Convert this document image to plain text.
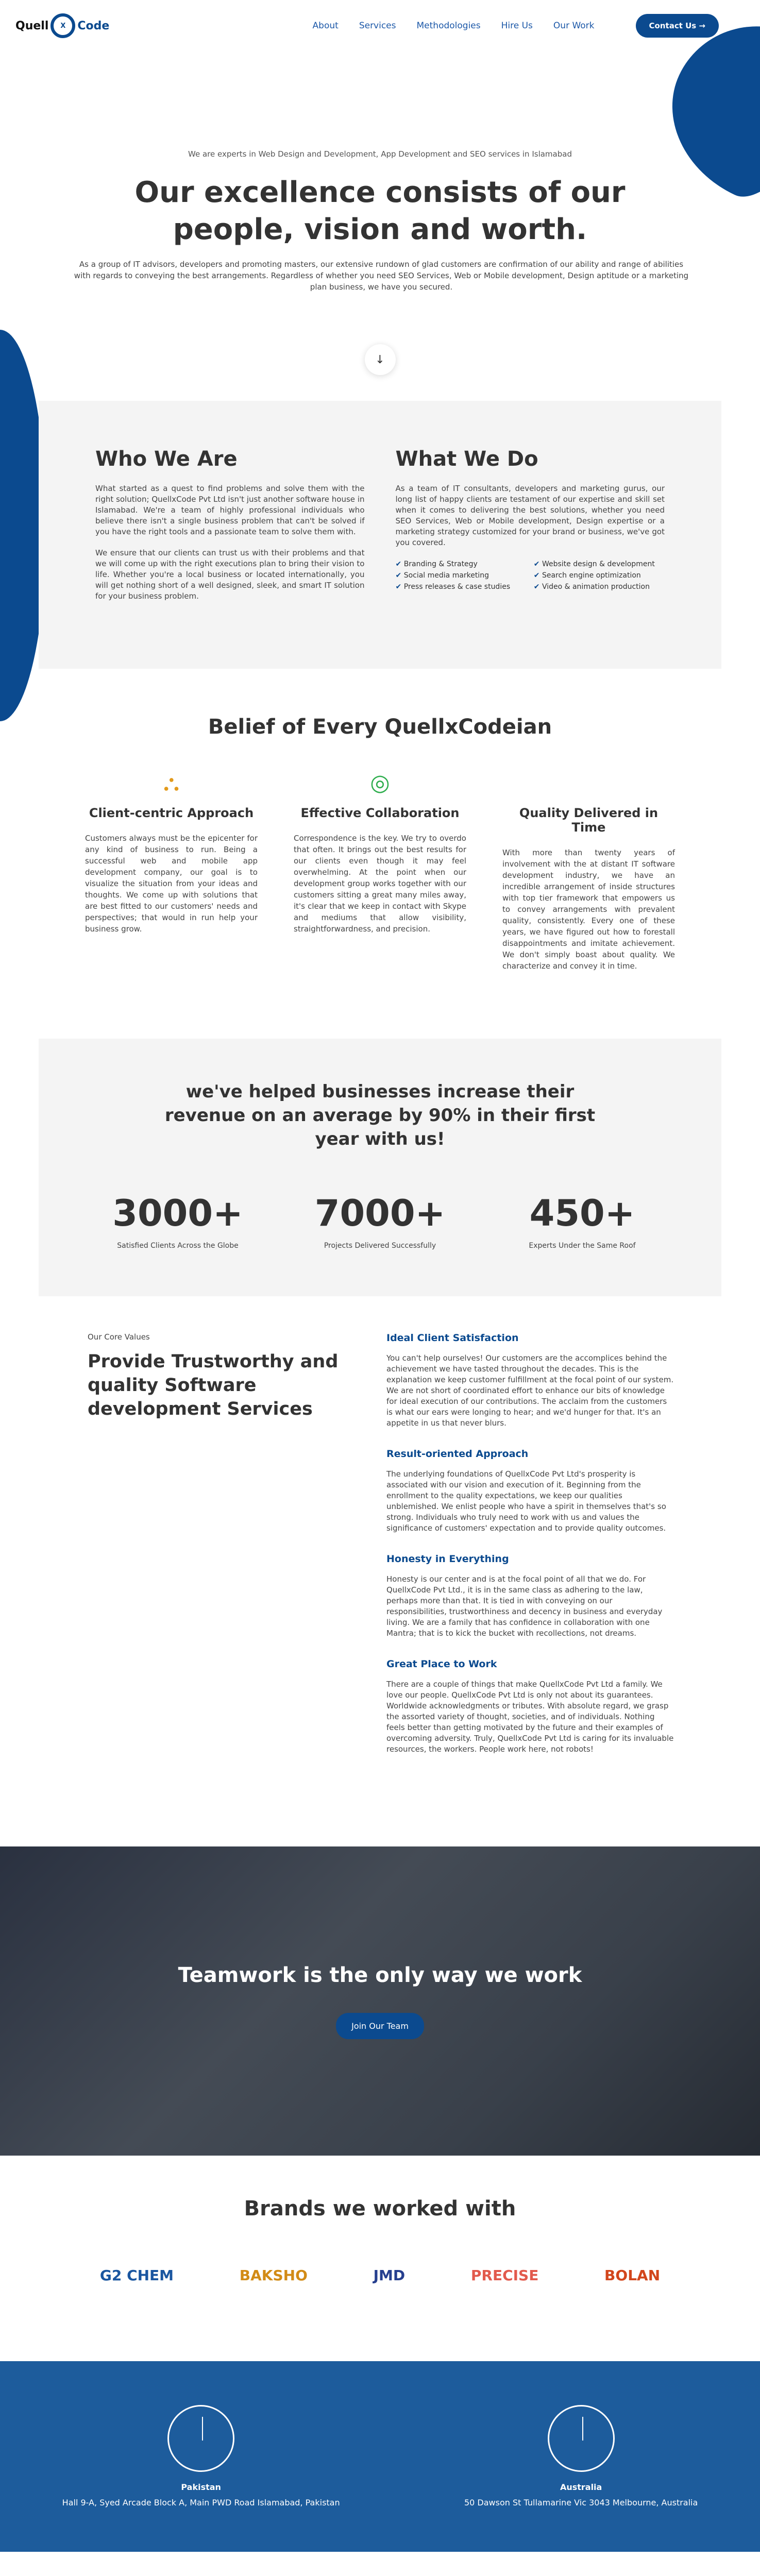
Quell	X	Code	About Services Methodologies Hire Us Our Work	Contact Us →
We are experts in Web Design and Development, App Development and SEO services in Islamabad
Our excellence consists of our people, vision and worth.

As a group of IT advisors, developers and promoting masters, our extensive rundown of glad customers are confirmation of our ability and range of abilities with regards to conveying the best arrangements. Regardless of whether you need SEO Services, Web or Mobile development, Design aptitude or a marketing plan business, we have you secured.

↓
Who We Are

What started as a quest to find problems and solve them with the right solution; QuellxCode Pvt Ltd isn't just another software house in Islamabad. We're a team of highly professional individuals who believe there isn't a single business problem that can't be solved if you have the right tools and a passionate team to solve them with.

We ensure that our clients can trust us with their problems and that we will come up with the right executions plan to bring their vision to life. Whether you're a local business or located internationally, you will get nothing short of a well designed, sleek, and smart IT solution for your business problem.

What We Do

As a team of IT consultants, developers and marketing gurus, our long list of happy clients are testament of our expertise and skill set when it comes to delivering the best solutions, whether you need SEO Services, Web or Mobile development, Design expertise or a marketing strategy customized for your brand or business, we've got you covered.

✔ Branding & Strategy
✔ Social media marketing
✔ Press releases & case studies
✔ Website design & development
✔ Search engine optimization
✔ Video & animation production
Belief of Every QuellxCodeian
⛬
Client-centric Approach

Customers always must be the epicenter for any kind of business to run. Being a successful web and mobile app development company, our goal is to visualize the situation from your ideas and thoughts. We come up with solutions that are best fitted to our customers' needs and perspectives; that would in run help your business grow.

◎
Effective Collaboration

Correspondence is the key. We try to overdo that often. It brings out the best results for our clients even though it may feel overwhelming. At the point when our development group works together with our customers sitting a great many miles away, it's clear that we keep in contact with Skype and mediums that allow visibility, straightforwardness, and precision.

Quality Delivered in Time

With more than twenty years of involvement with the at distant IT software development industry, we have an incredible arrangement of inside structures with top tier framework that empowers us to convey arrangements with prevalent quality, consistently. Every one of these years, we have figured out how to forestall disappointments and imitate achievement. We don't simply boast about quality. We characterize and convey it in time.

we've helped businesses increase their revenue on an average by 90% in their first year with us!
3000+
Satisfied Clients Across the Globe
7000+
Projects Delivered Successfully
450+
Experts Under the Same Roof
Our Core Values
Provide Trustworthy and quality Software development Services
Ideal Client Satisfaction

You can't help ourselves! Our customers are the accomplices behind the achievement we have tasted throughout the decades. This is the explanation we keep customer fulfillment at the focal point of our system. We are not short of coordinated effort to enhance our bits of knowledge for ideal execution of our contributions. The acclaim from the customers is what our ears were longing to hear; and we'd hunger for that. It's an appetite in us that never blurs.

Result-oriented Approach

The underlying foundations of QuellxCode Pvt Ltd's prosperity is associated with our vision and execution of it. Beginning from the enrollment to the quality expectations, we keep our qualities unblemished. We enlist people who have a spirit in themselves that's so strong. Individuals who truly need to work with us and values the significance of customers' expectation and to provide quality outcomes.

Honesty in Everything

Honesty is our center and is at the focal point of all that we do. For QuellxCode Pvt Ltd., it is in the same class as adhering to the law, perhaps more than that. It is tied in with conveying on our responsibilities, trustworthiness and decency in business and everyday living. We are a family that has confidence in collaboration with one Mantra; that is to kick the bucket with recollections, not dreams.

Great Place to Work

There are a couple of things that make QuellxCode Pvt Ltd a family. We love our people. QuellxCode Pvt Ltd is only not about its guarantees. Worldwide acknowledgments or tributes. With absolute regard, we grasp the assorted variety of thought, societies, and of individuals. Nothing feels better than getting motivated by the future and their examples of overcoming adversity. Truly, QuellxCode Pvt Ltd is caring for its invaluable resources, the workers. People work here, not robots!

Teamwork is the only way we work
Join Our Team
Brands we worked with
G2 CHEM	BAKSHO	JMD	PRECISE	BOLAN
Pakistan
Hall 9-A, Syed Arcade Block A, Main PWD Road Islamabad, Pakistan
Australia
50 Dawson St Tullamarine Vic 3043 Melbourne, Australia
